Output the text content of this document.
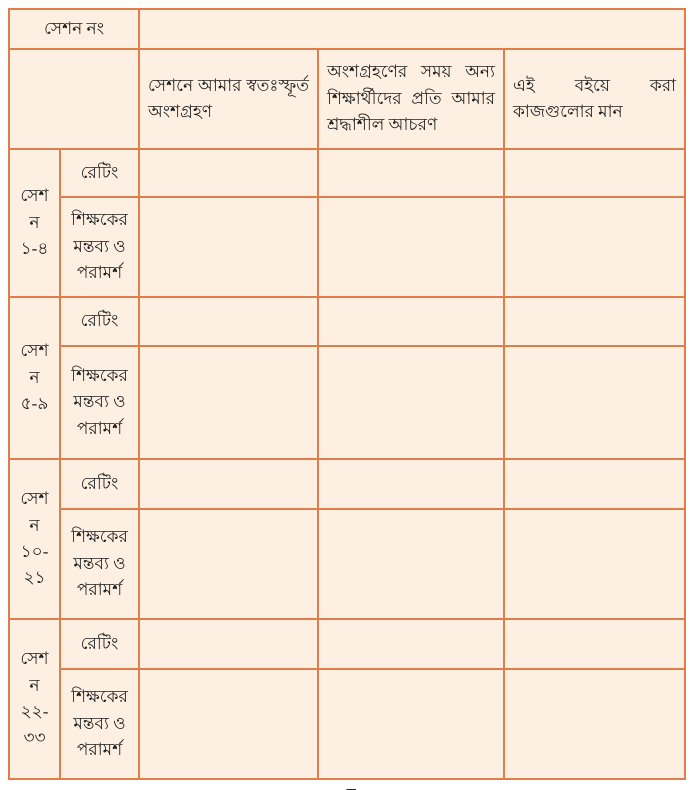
সেশন নং				
		সেশনে আমার স্বতঃস্ফূর্ত অংশগ্রহণ	অংশগ্রহণের সময় অন্য শিক্ষার্থীদের প্রতি আমার শ্রদ্ধাশীল আচরণ	এই বইয়ে করা কাজগুলোর মান
সেশন ১-৪	রেটিং			
	শিক্ষকের মন্তব্য ও পরামর্শ			
সেশন ৫-৯	রেটিং			
	শিক্ষকের মন্তব্য ও পরামর্শ			
সেশন ১০-২১	রেটিং			
	শিক্ষকের মন্তব্য ও পরামর্শ			
সেশন ২২-৩৩	রেটিং			
	শিক্ষকের মন্তব্য ও পরামর্শ			
